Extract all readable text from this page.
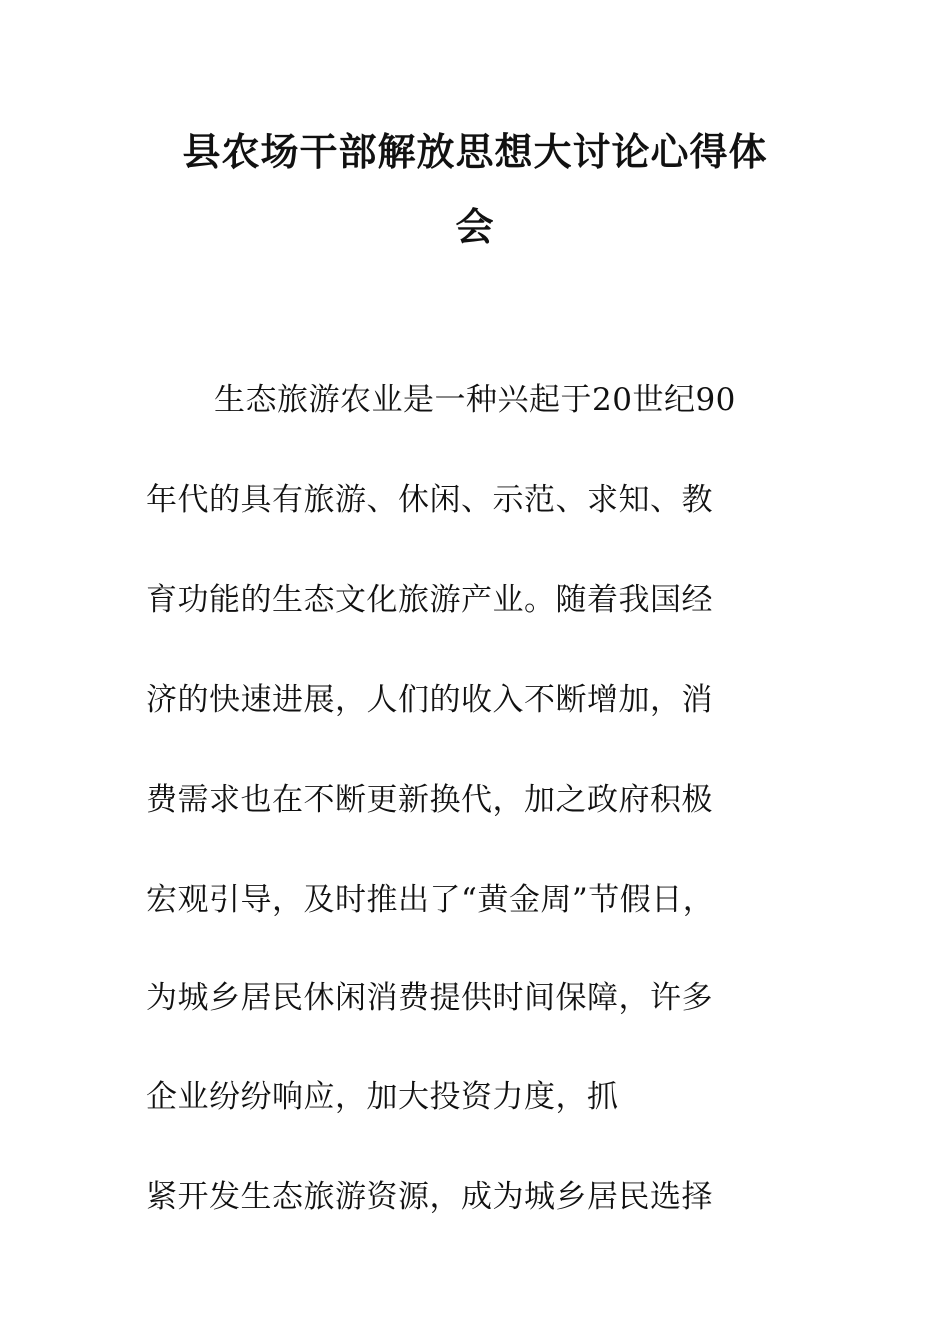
县农场干部解放思想大讨论心得体
会
生态旅游农业是一种兴起于20世纪90
年代的具有旅游、休闲、示范、求知、教
育功能的生态文化旅游产业。随着我国经
济的快速进展，人们的收入不断增加，消
费需求也在不断更新换代，加之政府积极
宏观引导，及时推出了“黄金周”节假日，
为城乡居民休闲消费提供时间保障，许多
企业纷纷响应，加大投资力度，抓
紧开发生态旅游资源，成为城乡居民选择
